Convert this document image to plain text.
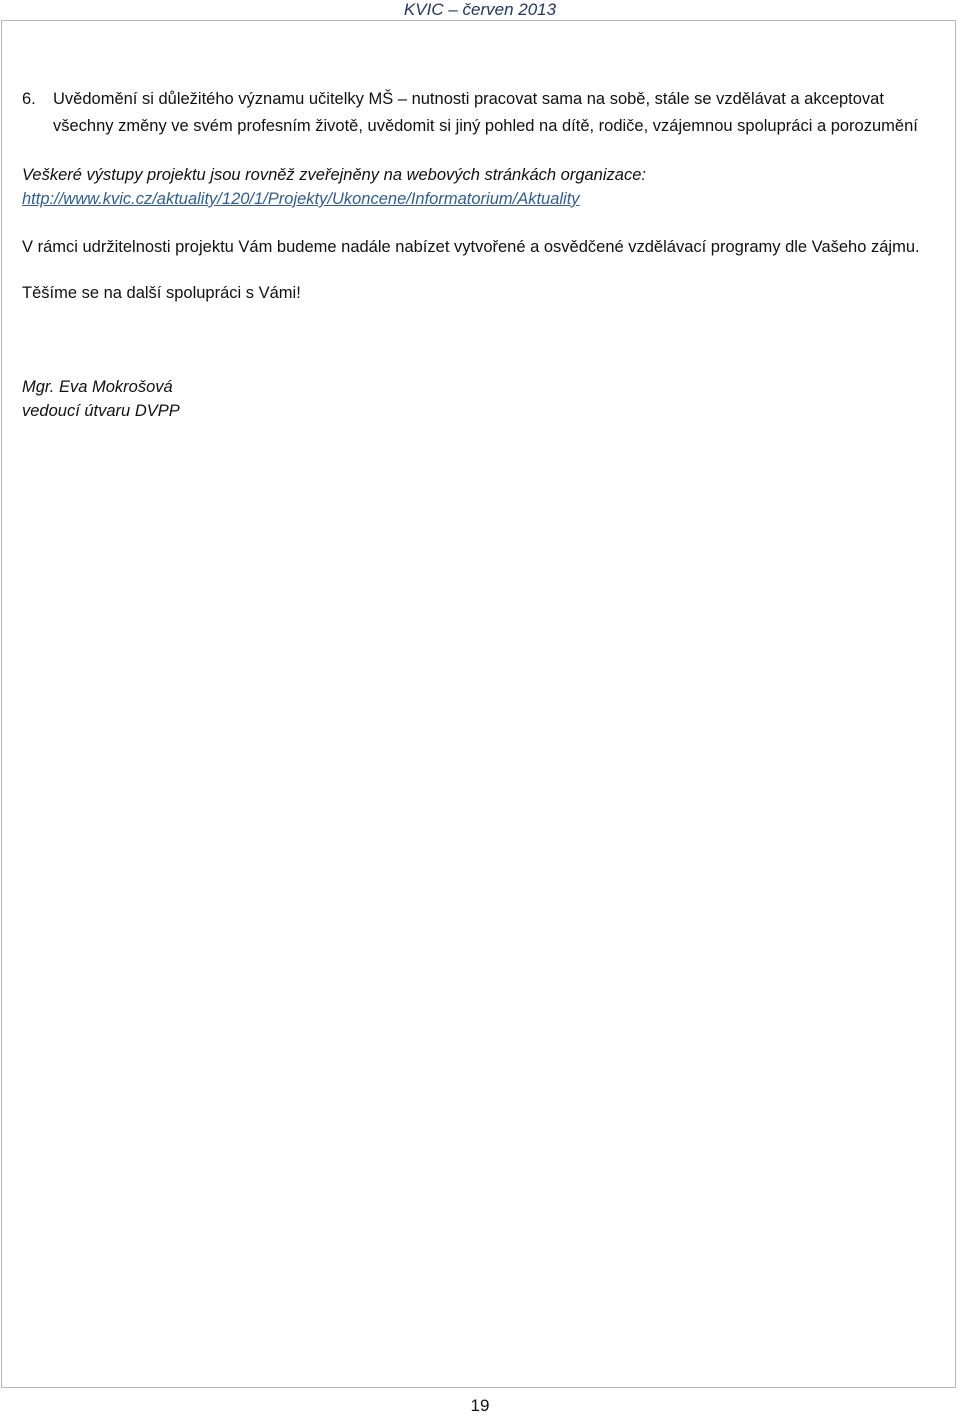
KVIC – červen 2013
6. Uvědomění si důležitého významu učitelky MŠ – nutnosti pracovat sama na sobě, stále se vzdělávat a akceptovat všechny změny ve svém profesním životě, uvědomit si jiný pohled na dítě, rodiče, vzájemnou spolupráci a porozumění
Veškeré výstupy projektu jsou rovněž zveřejněny na webových stránkách organizace:
http://www.kvic.cz/aktuality/120/1/Projekty/Ukoncene/Informatorium/Aktuality
V rámci udržitelnosti projektu Vám budeme nadále nabízet vytvořené a osvědčené vzdělávací programy dle Vašeho zájmu.
Těšíme se na další spolupráci s Vámi!
Mgr. Eva Mokrošová
vedoucí útvaru DVPP
19
